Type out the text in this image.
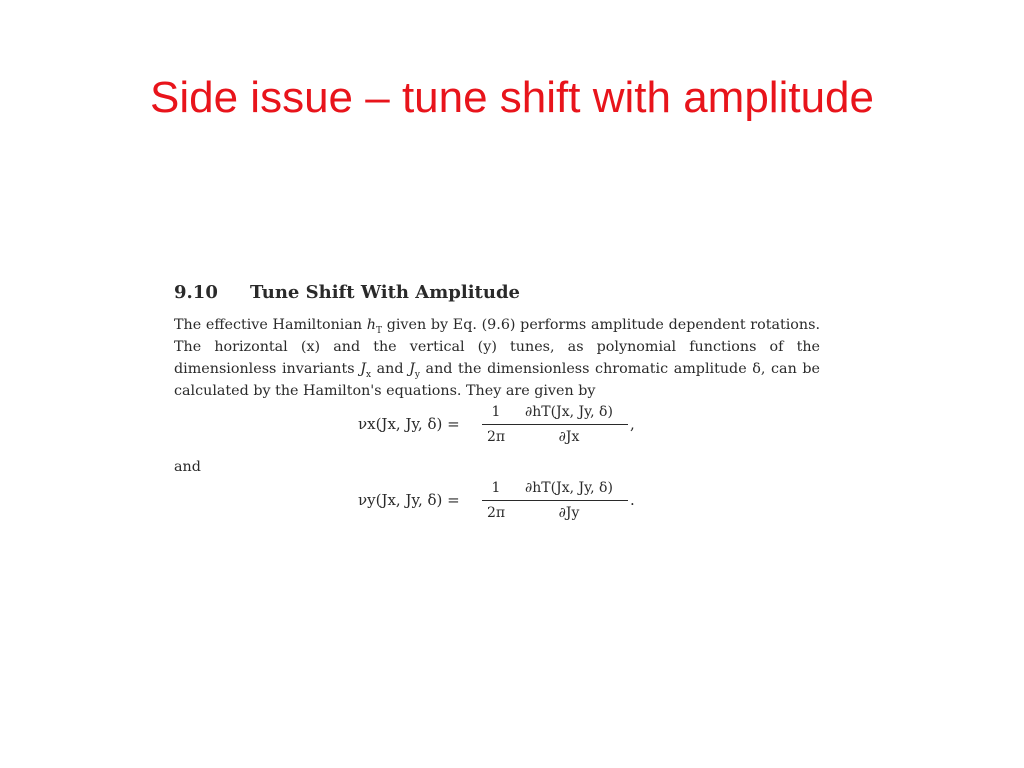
Side issue – tune shift with amplitude
9.10 Tune Shift With Amplitude

The effective Hamiltonian $h_T$ given by Eq. (9.6) performs amplitude dependent rotations. The horizontal (x) and the vertical (y) tunes, as polynomial functions of the dimensionless invariants $J_x$ and $J_y$ and the dimensionless chromatic amplitude δ, can be calculated by the Hamilton's equations. They are given by

νx(Jx, Jy, δ) =
1
2π
∂hT(Jx, Jy, δ)
∂Jx
,

and

νy(Jx, Jy, δ) =
1
2π
∂hT(Jx, Jy, δ)
∂Jy
.
